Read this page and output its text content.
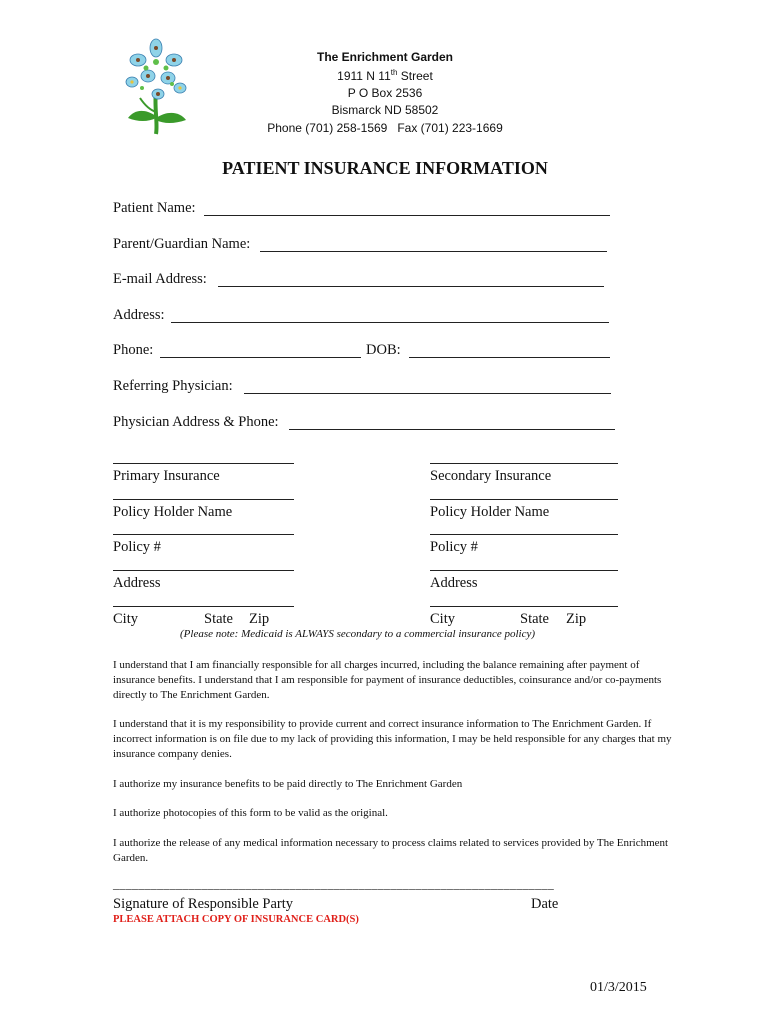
The Enrichment Garden
1911 N 11th Street
P O Box 2536
Bismarck ND 58502
Phone (701) 258-1569   Fax (701) 223-1669
PATIENT INSURANCE INFORMATION
Patient Name:
Parent/Guardian Name:
E-mail Address:
Address:
Phone:	DOB:
Referring Physician:
Physician Address & Phone:
Primary Insurance
Policy Holder Name
Policy #
Address
City	State Zip
Secondary Insurance
Policy Holder Name
Policy #
Address
City	State Zip
(Please note: Medicaid is ALWAYS secondary to a commercial insurance policy)
I understand that I am financially responsible for all charges incurred, including the balance remaining after payment of insurance benefits. I understand that I am responsible for payment of insurance deductibles, coinsurance and/or co-payments directly to The Enrichment Garden.
I understand that it is my responsibility to provide current and correct insurance information to The Enrichment Garden. If incorrect information is on file due to my lack of providing this information, I may be held responsible for any charges that my insurance company denies.
I authorize my insurance benefits to be paid directly to The Enrichment Garden
I authorize photocopies of this form to be valid as the original.
I authorize the release of any medical information necessary to process claims related to services provided by The Enrichment Garden.
______________________________________________________________________
Signature of Responsible Party	Date
PLEASE ATTACH COPY OF INSURANCE CARD(S)
01/3/2015
